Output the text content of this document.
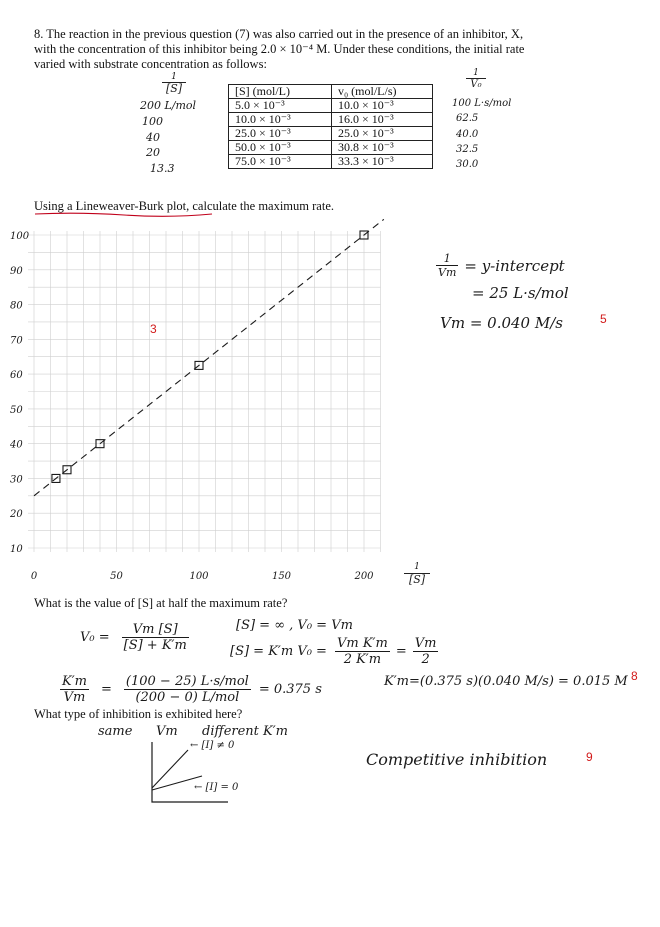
8. The reaction in the previous question (7) was also carried out in the presence of an inhibitor, X,
with the concentration of this inhibitor being 2.0 × 10⁻⁴ M. Under these conditions, the initial rate
varied with substrate concentration as follows:
1
[S]
200 L/mol
100
40
20
13.3
[S] (mol/L)	v₀ (mol/L/s)
5.0 × 10⁻³	10.0 × 10⁻³
10.0 × 10⁻³	16.0 × 10⁻³
25.0 × 10⁻³	25.0 × 10⁻³
50.0 × 10⁻³	30.8 × 10⁻³
75.0 × 10⁻³	33.3 × 10⁻³
1
V₀
100 L·s/mol
62.5
40.0
32.5
30.0
Using a Lineweaver-Burk plot, calculate the maximum rate.
10
20
30
40
50
60
70
80
90
100
0	50	100	150	200
1
[S]
$\frac{1}{Vm}$ = y-intercept
= 25 L·s/mol
Vm = 0.040 M/s
3
5
8
9
What is the value of [S] at half the maximum rate?
$V_0 = \frac{Vm [S]}{[S] + K'm}$	[S] = ∞ , V₀ = Vm
[S] = K′m $V_0 = \frac{\text{Vm K′m}}{2 K'm} = \frac{Vm}{2}$
$\frac{K'm}{Vm} = \frac{\text{(100 − 25) L·s/mol}}{\text{(200 − 0) L/mol}} = 0.375$ s
K′m=(0.375 s)(0.040 M/s) = 0.015 M
What type of inhibition is exhibited here?
same Vm different K′m
← [I] ≠ 0
← [I] = 0
Competitive inhibition
